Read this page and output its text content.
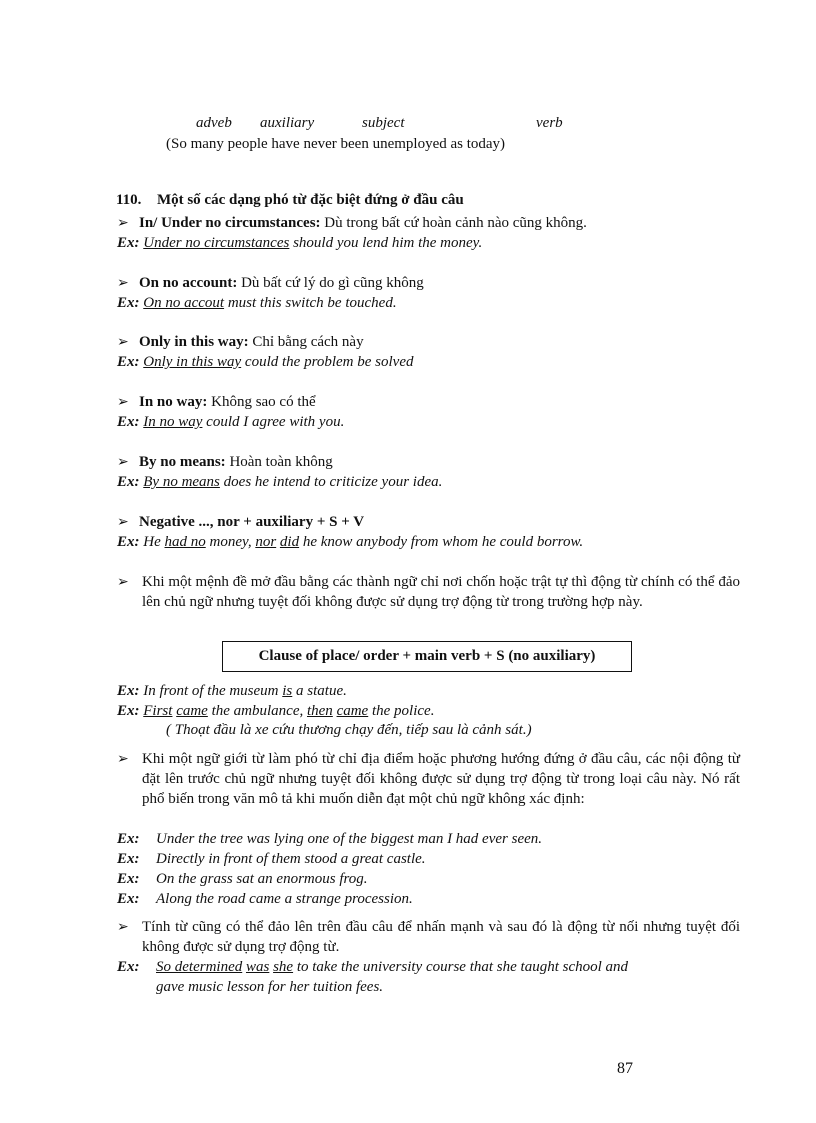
adveb auxiliary	subject	verb
(So many people have never been unemployed as today)
110. Một số các dạng phó từ đặc biệt đứng ở đầu câu
➢ In/ Under no circumstances: Dù trong bất cứ hoàn cảnh nào cũng không.
Ex: Under no circumstances should you lend him the money.
➢ On no account: Dù bất cứ lý do gì cũng không
Ex: On no accout must this switch be touched.
➢ Only in this way: Chỉ bằng cách này
Ex: Only in this way could the problem be solved
➢ In no way: Không sao có thể
Ex: In no way could I agree with you.
➢ By no means: Hoàn toàn không
Ex: By no means does he intend to criticize your idea.
➢ Negative ..., nor + auxiliary + S + V
Ex: He had no money, nor did he know anybody from whom he could borrow.
➢ Khi một mệnh đề mở đầu bằng các thành ngữ chỉ nơi chốn hoặc trật tự thì động từ chính có thể đảo lên chủ ngữ nhưng tuyệt đối không được sử dụng trợ động từ trong trường hợp này.
Clause of place/ order + main verb + S (no auxiliary)
Ex: In front of the museum is a statue.
Ex: First came the ambulance, then came the police.
( Thoạt đầu là xe cứu thương chạy đến, tiếp sau là cảnh sát.)
➢ Khi một ngữ giới từ làm phó từ chỉ địa điểm hoặc phương hướng đứng ở đầu câu, các nội động từ đặt lên trước chủ ngữ nhưng tuyệt đối không được sử dụng trợ động từ trong loại câu này. Nó rất phổ biến trong văn mô tả khi muốn diễn đạt một chủ ngữ không xác định:
Ex: Under the tree was lying one of the biggest man I had ever seen.
Ex: Directly in front of them stood a great castle.
Ex: On the grass sat an enormous frog.
Ex: Along the road came a strange procession.
➢ Tính từ cũng có thể đảo lên trên đầu câu để nhấn mạnh và sau đó là động từ nối nhưng tuyệt đối không được sử dụng trợ động từ.
Ex: So determined was she to take the university course that she taught school and
gave music lesson for her tuition fees.
87
